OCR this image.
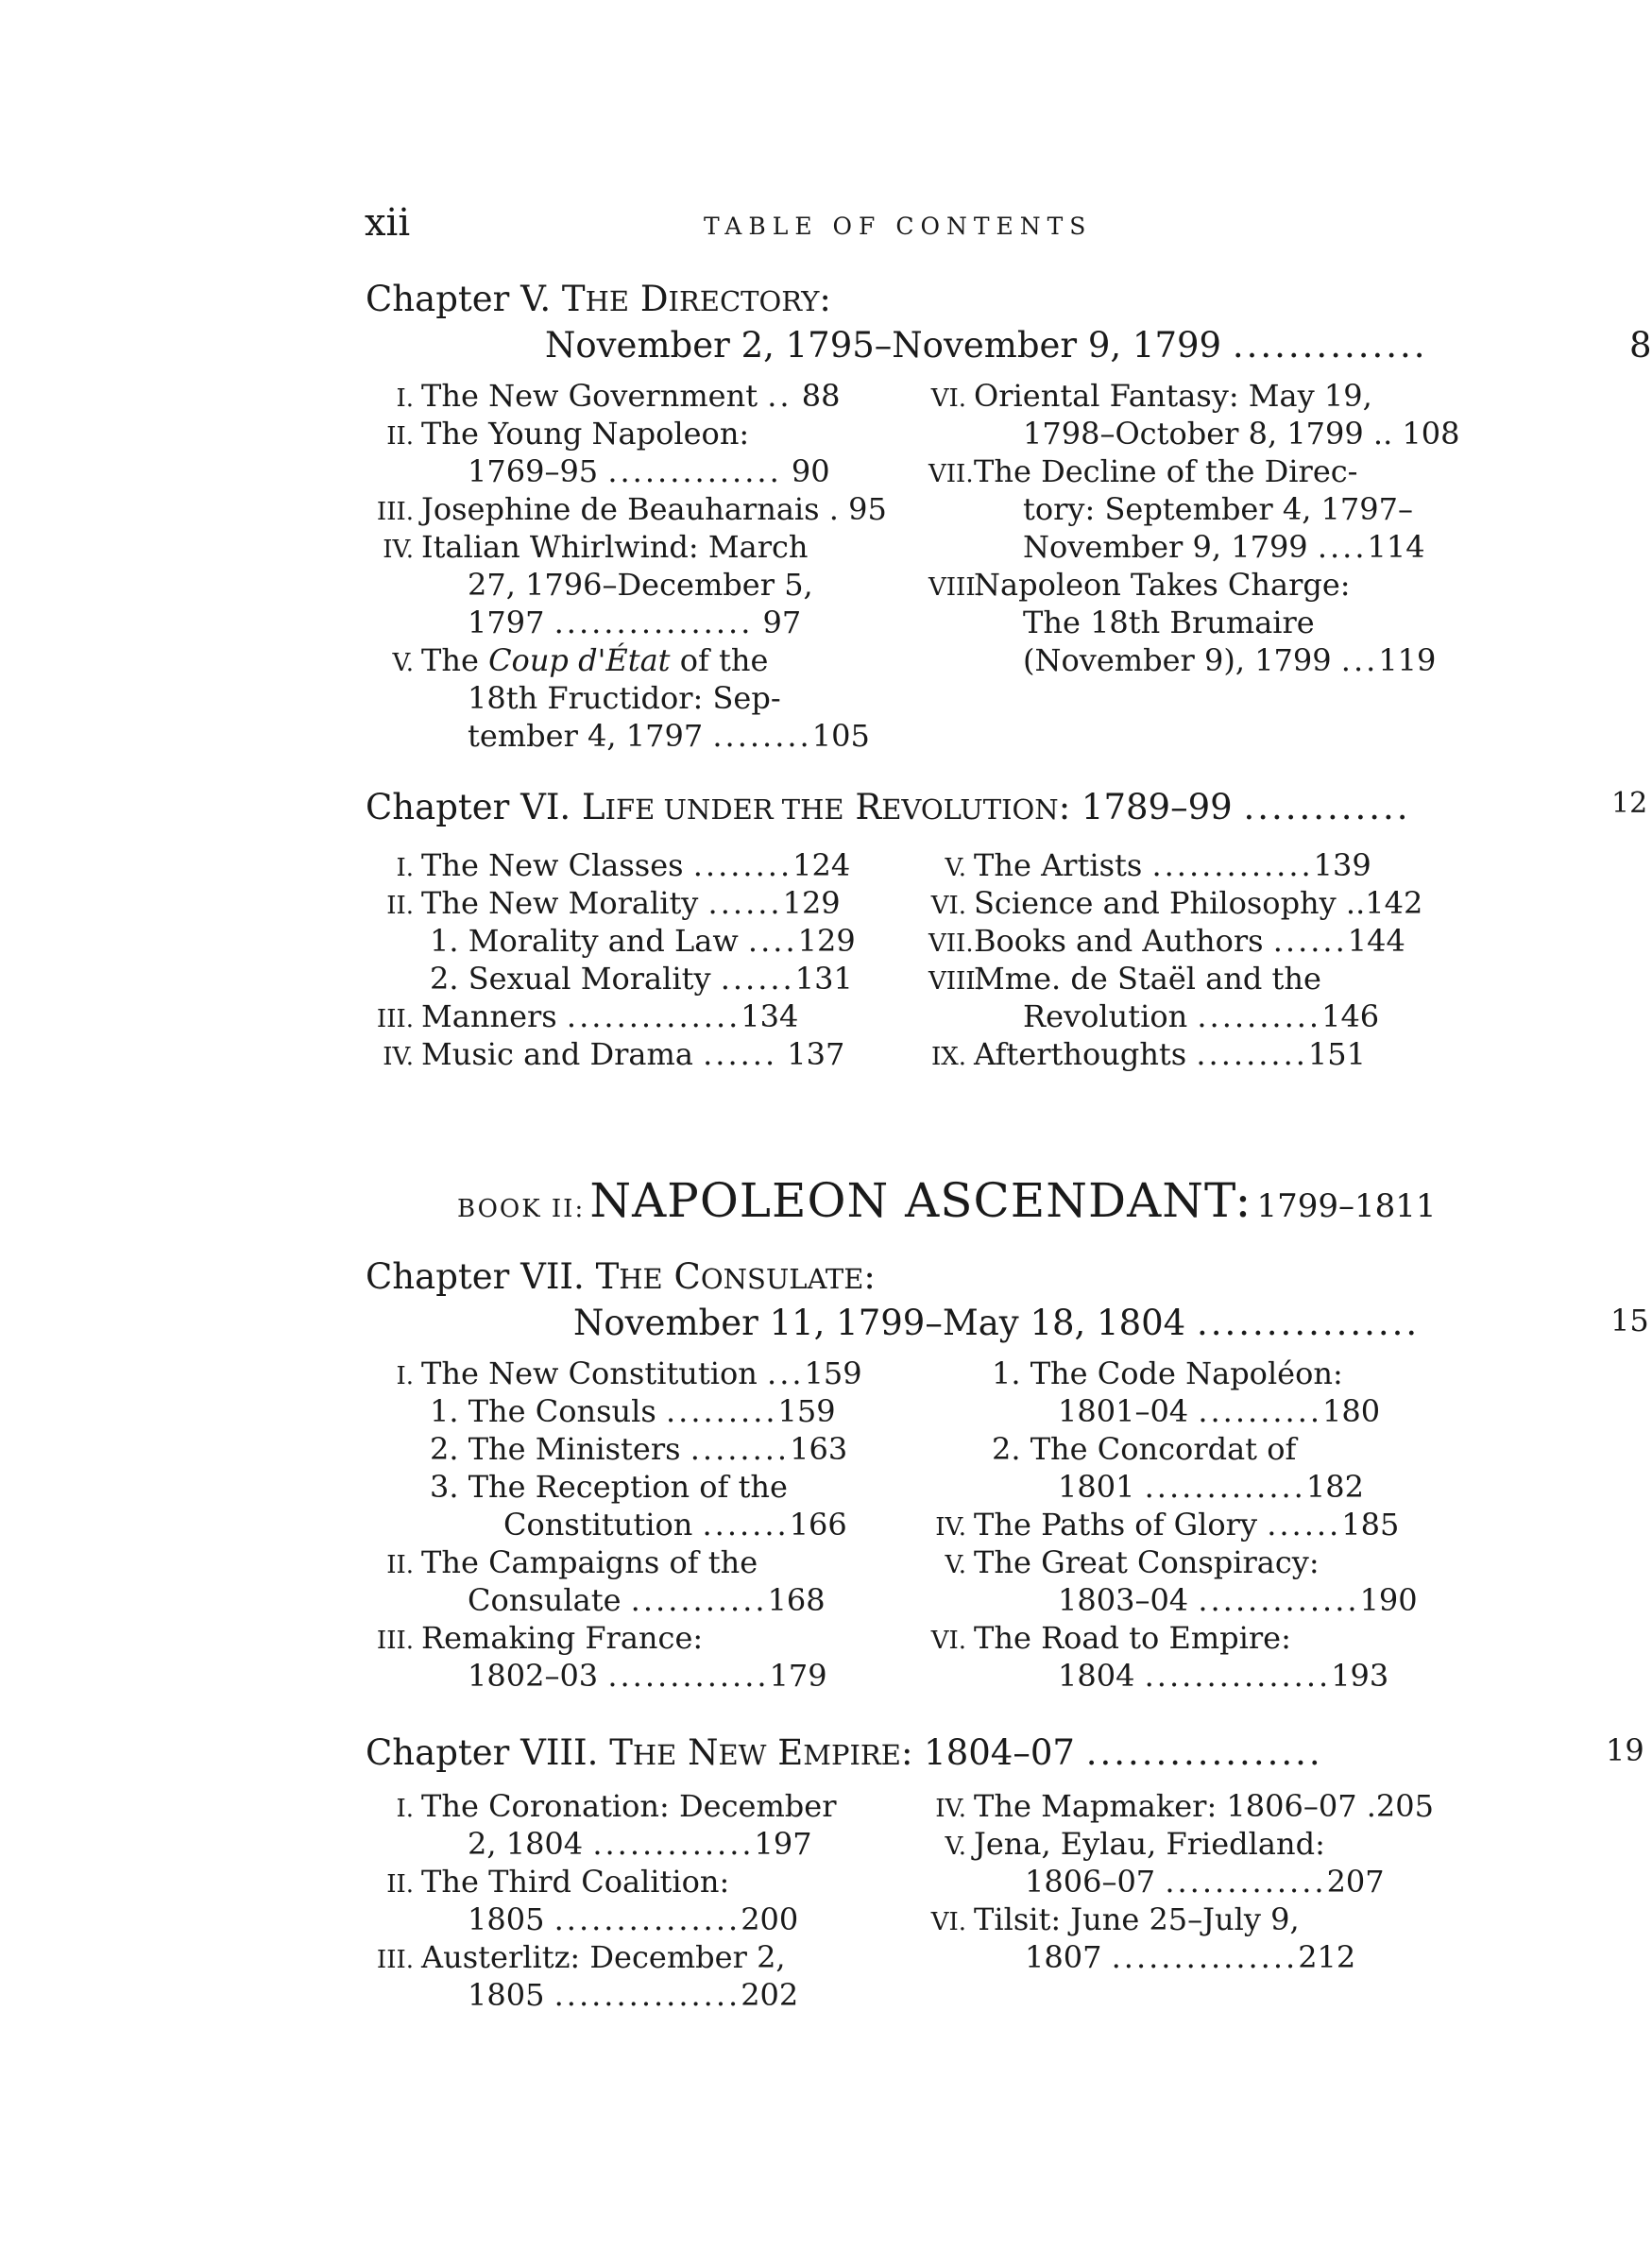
xii	TABLE OF CONTENTS
Chapter V. THE DIRECTORY:
November 2, 1795–November 9, 1799 ..............	8
I. The New Government .. 88
II. The Young Napoleon:
1769–95 .............. 90
III. Josephine de Beauharnais . 95
IV. Italian Whirlwind: March
27, 1796–December 5,
1797 ................ 97
V. The Coup d'État of the
18th Fructidor: Sep-
tember 4, 1797 ........105
VI. Oriental Fantasy: May 19,
1798–October 8, 1799 .. 108
VII.The Decline of the Direc-
tory: September 4, 1797–
November 9, 1799 ....114
VIII.Napoleon Takes Charge:
The 18th Brumaire
(November 9), 1799 ...119
Chapter VI. LIFE UNDER THE REVOLUTION: 1789–99 ............	12
I. The New Classes ........124
II. The New Morality ......129
1. Morality and Law ....129
2. Sexual Morality ......131
III. Manners ..............134
IV. Music and Drama ...... 137
V. The Artists .............139
VI. Science and Philosophy ..142
VII.Books and Authors ......144
VIII.Mme. de Staël and the
Revolution ..........146
IX. Afterthoughts .........151
BOOK II: NAPOLEON ASCENDANT: 1799–1811
Chapter VII. THE CONSULATE:
November 11, 1799–May 18, 1804 ................	15
I. The New Constitution ...159
1. The Consuls .........159
2. The Ministers ........163
3. The Reception of the
Constitution .......166
II. The Campaigns of the
Consulate ...........168
III. Remaking France:
1802–03 .............179
1. The Code Napoléon:
1801–04 ..........180
2. The Concordat of
1801 .............182
IV. The Paths of Glory ......185
V. The Great Conspiracy:
1803–04 .............190
VI. The Road to Empire:
1804 ...............193
Chapter VIII. THE NEW EMPIRE: 1804–07 .................	19
I. The Coronation: December
2, 1804 .............197
II. The Third Coalition:
1805 ...............200
III. Austerlitz: December 2,
1805 ...............202
IV. The Mapmaker: 1806–07 .205
V. Jena, Eylau, Friedland:
1806–07 .............207
VI. Tilsit: June 25–July 9,
1807 ...............212
